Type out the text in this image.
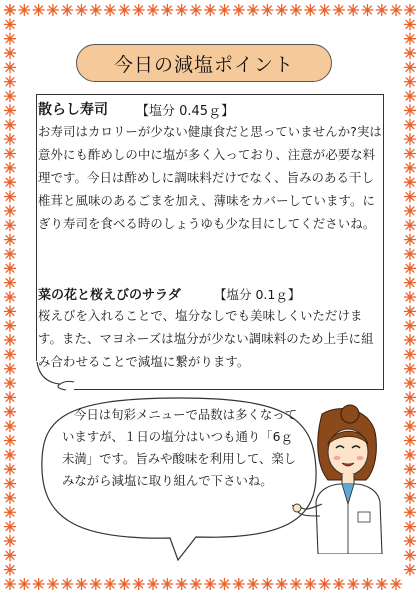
今日の減塩ポイント
散らし寿司 【塩分 0.45ｇ】

お寿司はカロリーが少ない健康食だと思っていませんか?実は意外にも酢めしの中に塩が多く入っており、注意が必要な料理です。今日は酢めしに調味料だけでなく、旨みのある干し椎茸と風味のあるごまを加え、薄味をカバーしています。にぎり寿司を食べる時のしょうゆも少な目にしてくださいね。

菜の花と桜えびのサラダ	【塩分 0.1ｇ】

桜えびを入れることで、塩分なしでも美味しくいただけます。また、マヨネーズは塩分が少ない調味料のため上手に組み合わせることで減塩に繋がります。

今日は旬彩メニューで品数は多くなっていますが、１日の塩分はいつも通り「6ｇ未満」です。旨みや酸味を利用して、楽しみながら減塩に取り組んで下さいね。
